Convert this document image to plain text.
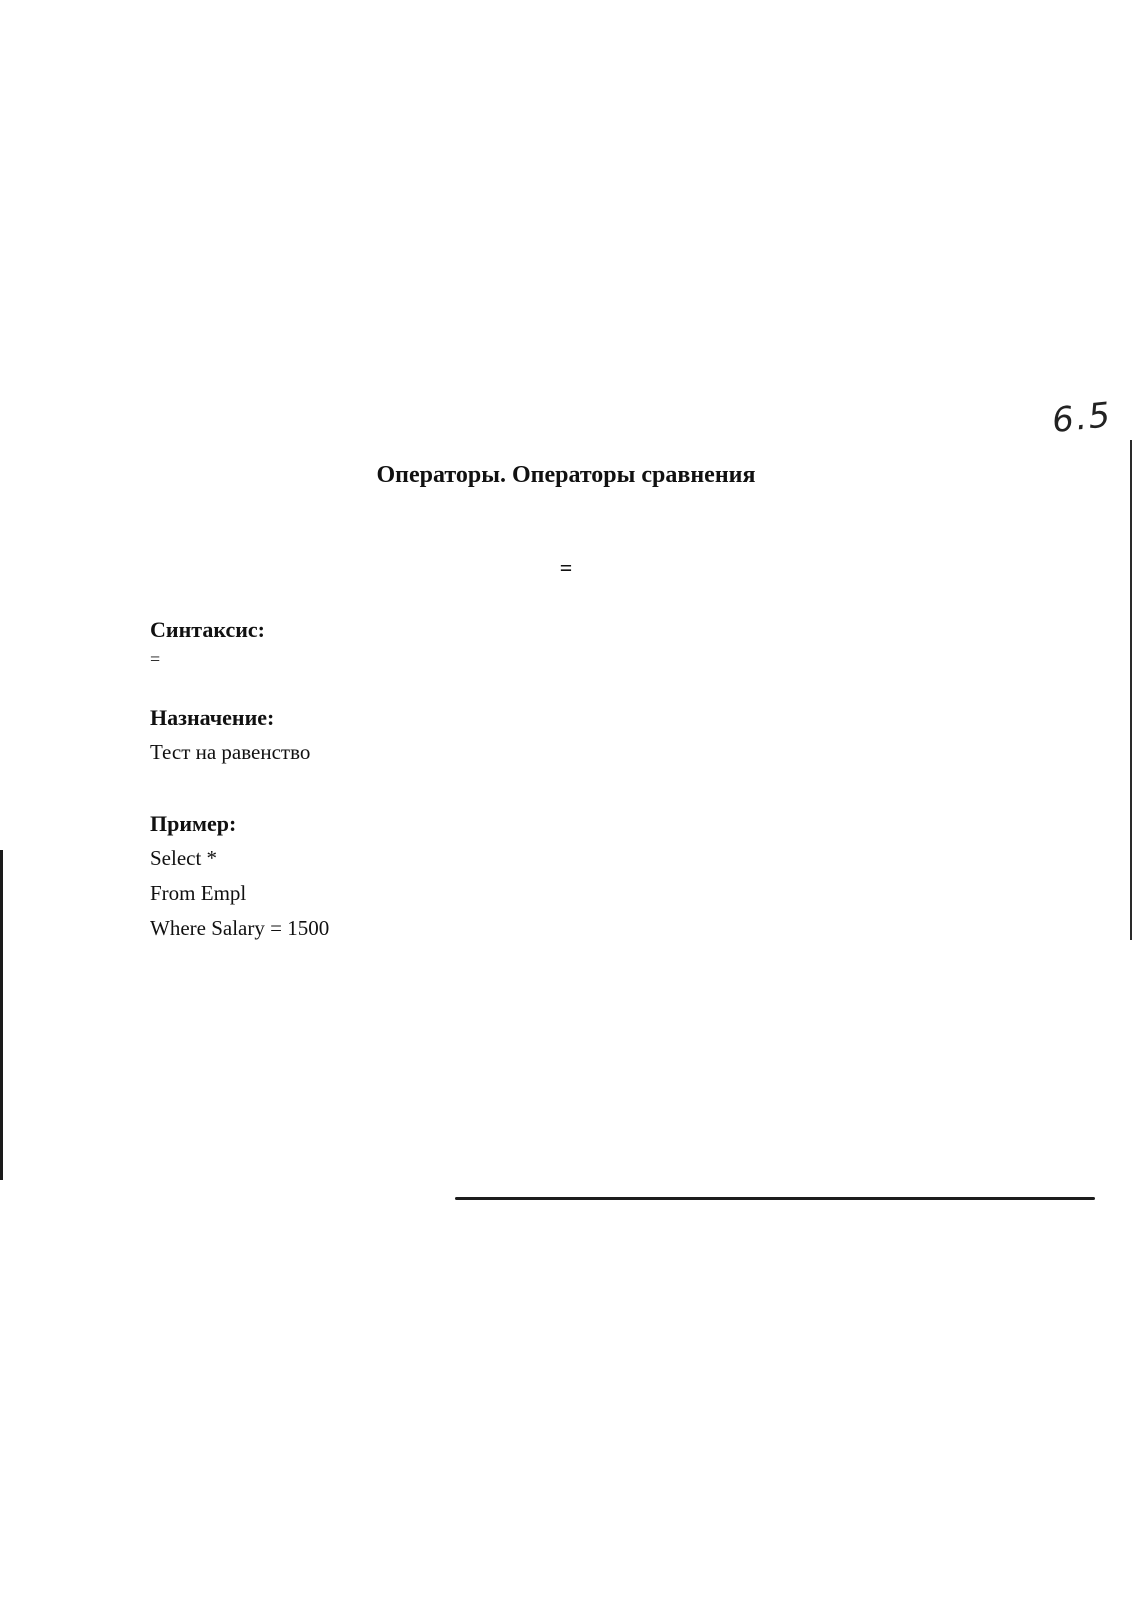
6.5
Операторы. Операторы сравнения
=
Синтаксис:
=
Назначение:
Тест на равенство
Пример:
Select *
From Empl
Where Salary = 1500
